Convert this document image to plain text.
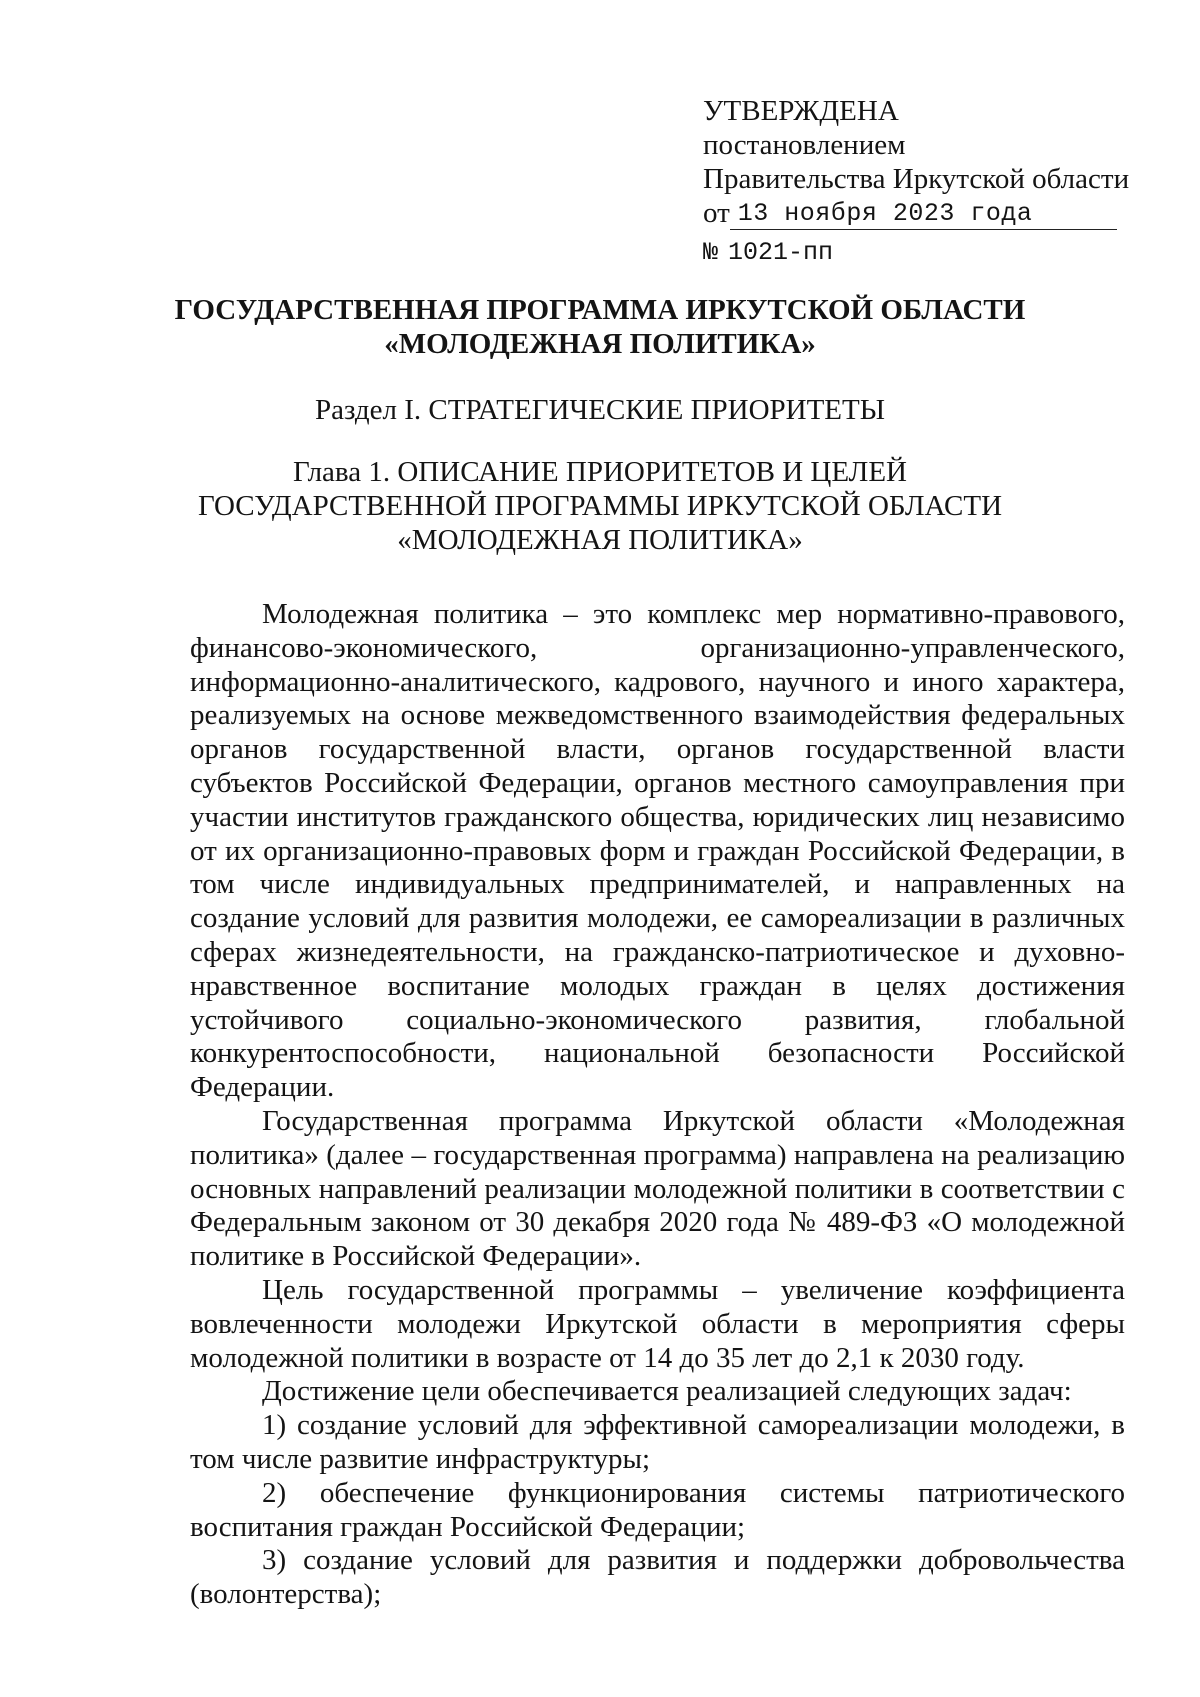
УТВЕРЖДЕНА
постановлением
Правительства Иркутской области
от 13 ноября 2023 года
№ 1021-пп
ГОСУДАРСТВЕННАЯ ПРОГРАММА ИРКУТСКОЙ ОБЛАСТИ
«МОЛОДЕЖНАЯ ПОЛИТИКА»
Раздел I. СТРАТЕГИЧЕСКИЕ ПРИОРИТЕТЫ
Глава 1. ОПИСАНИЕ ПРИОРИТЕТОВ И ЦЕЛЕЙ
ГОСУДАРСТВЕННОЙ ПРОГРАММЫ ИРКУТСКОЙ ОБЛАСТИ
«МОЛОДЕЖНАЯ ПОЛИТИКА»

Молодежная политика – это комплекс мер нормативно-правового, финансово-экономического, организационно-управленческого, информационно-аналитического, кадрового, научного и иного характера, реализуемых на основе межведомственного взаимодействия федеральных органов государственной власти, органов государственной власти субъектов Российской Федерации, органов местного самоуправления при участии институтов гражданского общества, юридических лиц независимо от их организационно-правовых форм и граждан Российской Федерации, в том числе индивидуальных предпринимателей, и направленных на создание условий для развития молодежи, ее самореализации в различных сферах жизнедеятельности, на гражданско-патриотическое и духовно-нравственное воспитание молодых граждан в целях достижения устойчивого социально-экономического развития, глобальной конкурентоспособности, национальной безопасности Российской Федерации.

Государственная программа Иркутской области «Молодежная политика» (далее – государственная программа) направлена на реализацию основных направлений реализации молодежной политики в соответствии с Федеральным законом от 30 декабря 2020 года № 489-ФЗ «О молодежной политике в Российской Федерации».

Цель государственной программы – увеличение коэффициента вовлеченности молодежи Иркутской области в мероприятия сферы молодежной политики в возрасте от 14 до 35 лет до 2,1 к 2030 году.

Достижение цели обеспечивается реализацией следующих задач:

1) создание условий для эффективной самореализации молодежи, в том числе развитие инфраструктуры;

2) обеспечение функционирования системы патриотического воспитания граждан Российской Федерации;

3) создание условий для развития и поддержки добровольчества (волонтерства);
